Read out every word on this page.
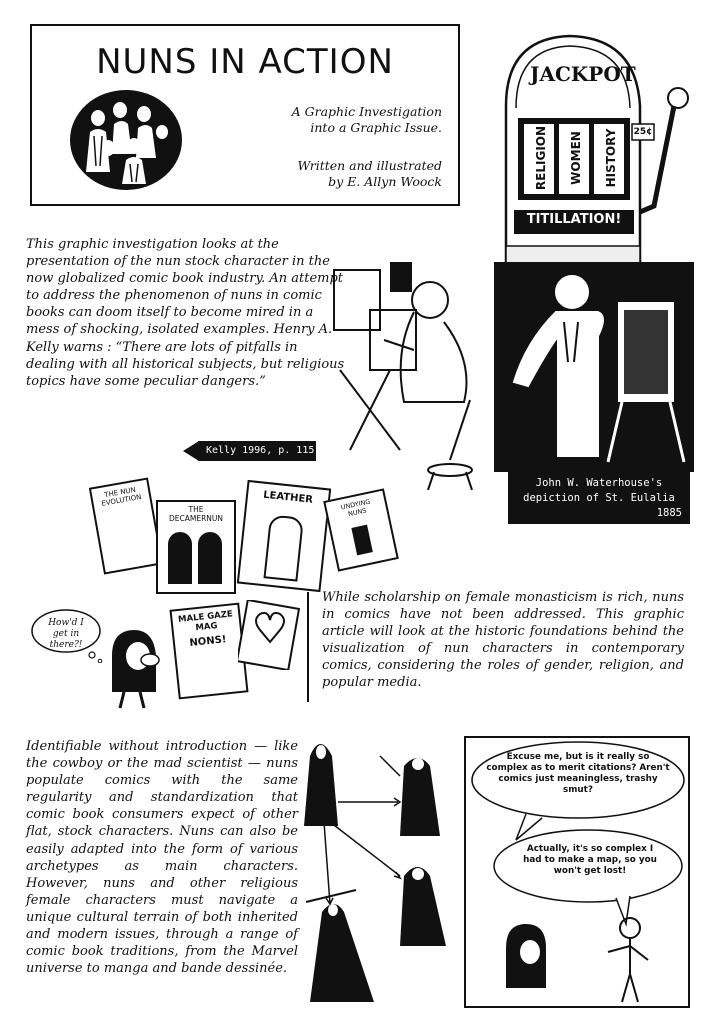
NUNS IN ACTION
A Graphic Investigation
into a Graphic Issue.
Written and illustrated
by E. Allyn Woock
JACKPOT
25¢
RELIGION	WOMEN	HISTORY
TITILLATION!
This graphic investigation looks at the presentation of the nun stock character in the now globalized comic book industry. An attempt to address the phenomenon of nuns in comic books can doom itself to become mired in a mess of shocking, isolated examples. Henry A. Kelly warns : “There are lots of pitfalls in dealing with all historical subjects, but religious topics have some peculiar dangers.”
Kelly 1996, p. 115
John W. Waterhouse's
depiction of St. Eulalia
1885
THE NUN EVOLUTION
THE DECAMERNUN
LEATHER	UNDYING NUNS
MALE GAZE MAG
NONS!
How'd I get in there?!
While scholarship on female monasticism is rich, nuns in comics have not been addressed. This graphic article will look at the historic foundations behind the visualization of nun characters in contemporary comics, considering the roles of gender, religion, and popular media.
Identifiable without introduction — like the cowboy or the mad scientist — nuns populate comics with the same regularity and standardization that comic book consumers expect of other flat, stock characters. Nuns can also be easily adapted into the form of various archetypes as main characters. However, nuns and other religious female characters must navigate a unique cultural terrain of both inherited and modern issues, through a range of comic book traditions, from the Marvel universe to manga and bande dessinée.
Excuse me, but is it really so complex as to merit citations? Aren't comics just meaningless, trashy smut?
Actually, it's so complex I had to make a map, so you won't get lost!
